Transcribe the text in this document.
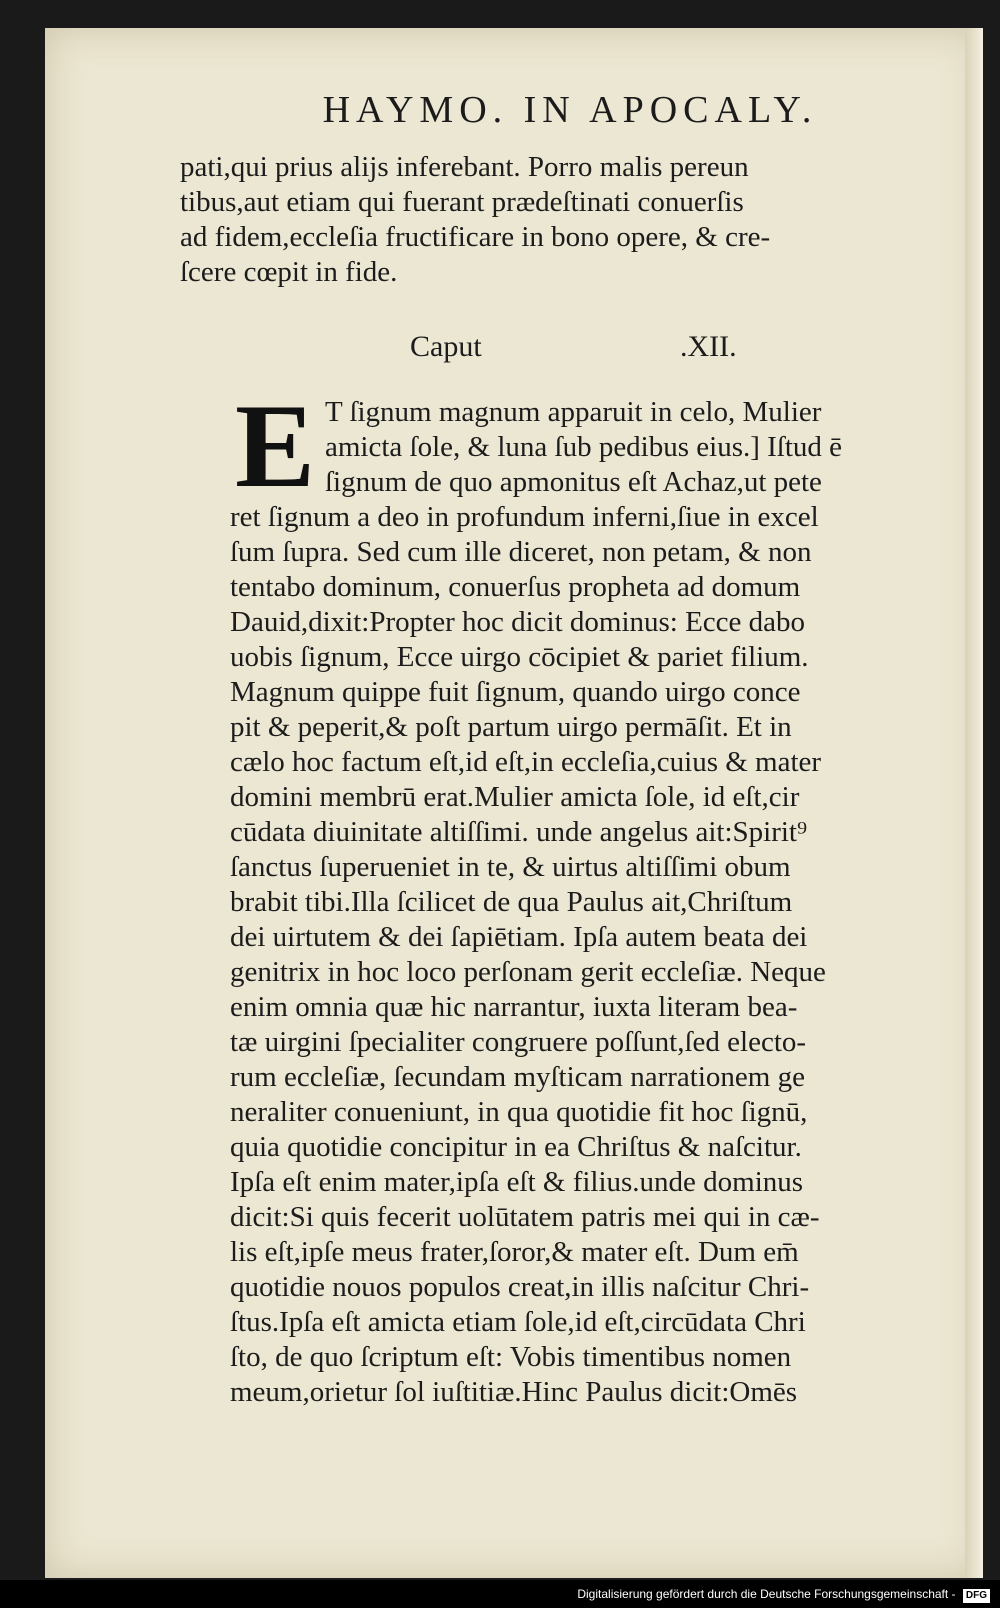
HAYMO. IN APOCALY.
pati,qui prius alijs inferebant. Porro malis pereun
tibus,aut etiam qui fuerant prædeſtinati conuerſis
ad fidem,eccleſia fructificare in bono opere, & cre-
ſcere cœpit in fide.
Caput	.XII.
E T ſignum magnum apparuit in celo, Mulier
amicta ſole, & luna ſub pedibus eius.] Iſtud ē
ſignum de quo apmonitus eſt Achaz,ut pete
ret ſignum a deo in profundum inferni,ſiue in excel
ſum ſupra. Sed cum ille diceret, non petam, & non
tentabo dominum, conuerſus propheta ad domum
Dauid,dixit:Propter hoc dicit dominus: Ecce dabo
uobis ſignum, Ecce uirgo cōcipiet & pariet filium.
Magnum quippe fuit ſignum, quando uirgo conce
pit & peperit,& poſt partum uirgo permāſit. Et in
cælo hoc factum eſt,id eſt,in eccleſia,cuius & mater
domini membrū erat.Mulier amicta ſole, id eſt,cir
cūdata diuinitate altiſſimi. unde angelus ait:Spirit⁹
ſanctus ſuperueniet in te, & uirtus altiſſimi obum
brabit tibi.Illa ſcilicet de qua Paulus ait,Chriſtum
dei uirtutem & dei ſapiētiam. Ipſa autem beata dei
genitrix in hoc loco perſonam gerit eccleſiæ. Neque
enim omnia quæ hic narrantur, iuxta literam bea-
tæ uirgini ſpecialiter congruere poſſunt,ſed electo-
rum eccleſiæ, ſecundam myſticam narrationem ge
neraliter conueniunt, in qua quotidie fit hoc ſignū,
quia quotidie concipitur in ea Chriſtus & naſcitur.
Ipſa eſt enim mater,ipſa eſt & filius.unde dominus
dicit:Si quis fecerit uolūtatem patris mei qui in cæ-
lis eſt,ipſe meus frater,ſoror,& mater eſt. Dum em̄
quotidie nouos populos creat,in illis naſcitur Chri-
ſtus.Ipſa eſt amicta etiam ſole,id eſt,circūdata Chri
ſto, de quo ſcriptum eſt: Vobis timentibus nomen
meum,orietur ſol iuſtitiæ.Hinc Paulus dicit:Omēs
Digitalisierung gefördert durch die Deutsche Forschungsgemeinschaft - DFG
